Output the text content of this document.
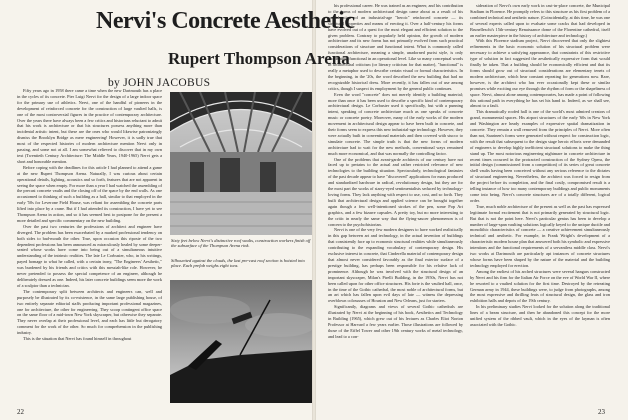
Nervi's Concrete Aesthetic
Rupert Thompson Arena
by JOHN JACOBUS

Fifty years ago in 1958 there came a time when the new Dartmouth has a place in the cycles of its concrete. Pier Luigi Nervi for the design of a large indoor space for the primary use of athletics. Nervi, one of the handful of pioneers in the development of reinforced concrete for the construction of large vaulted halls, is one of the most controversial figures in the practice of contemporary architecture. Over the years there have always been a few critics and historians reluctant to admit that his work is architecture or that his structures possess anything more than incidental artistic intent, but these are the ones who would likewise patronizingly dismiss the Brooklyn Bridge as mere engineering! However, it is sadly true that most of the respected histories of modern architecture mention Nervi only in passing, and some not at all. I am somewhat relieved to discover that in my own text (Twentieth Century Architecture: The Middle Years, 1940-1965) Nervi gets a short and honorable mention.

Before coping with the deadlines for this article I had planned to attend a game at the new Rupert Thompson Arena. Naturally, I was curious about certain operational details, lighting, acoustics and so forth, features that are not apparent in seeing the space when empty. For more than a year I had watched the assembling of the precast concrete vaults and the closing off of the space by the end walls. As one accustomed to thinking of such a building as a hall, similar to that employed in the early '50s for Leverone Field House, was reliant for assembling the concrete parts lifted into place by a crane. But if I had attended its construction, I have yet to see Thompson Arena in action, and so it has seemed best to postpone for the present a more detailed and specific commentary on the new building.

Over the past two centuries the professions of architect and engineer have diverged. The problem has been exacerbated by a marked professional tendency on both sides to bad-mouth the other. True, upon occasion this riposte of the two dependent professions has been announced as miraculously healed by some deeper-seated whose works have come into being out of a simultaneous intuitive understanding of the intrinsic realities. The late Le Corbusier, who, in his writings, payed homage to what he called, with a certain irony, "The Engineers' Aesthetic," was burdened by his friends and critics with this messiah-like role. However, he never pretended to possess the special competence of an engineer, although he deliberately dressed as one. Indeed, his later concrete buildings seem more the work of a sculptor than a technician.

The contemporary split between architects and engineers can, well and purposely be illustrated by its co-existence, in the same large publishing house, of two entirely separate editorial staffs producing important professional magazines, one for architecture, the other for engineering. They scoop contingent office space on the same floor of a mid-town New York skyscraper, but otherwise they separate. They never overlap at their professional level, and each has little but derogatory comment for the work of the other. So much for comprehension in the publishing industry.

This is the situation that Nervi has found himself in throughout

Sixty feet below Nervi's distinctive roof vaults, construction workers finish off the subsurface of the Thompson Arena rink.
Silhouetted against the clouds, the last pre-cast roof section is hoisted into place. Each prefab weighs eight tons.

his professional career. He was trained as an engineer, and his contribution to the forms of modern architectural design came about as a result of his consideration of an industrial-age "heroic" reinforced concrete — its structural properties and means of erecting it. Over a half-century his forms have evolved out of a quest for the most elegant and efficient solution to the given problem. Contrary to popularly held opinion, the growth of modern architecture and its new forms has not primarily evolved from such practical considerations of structure and functional intent. What is commonly called functional architecture, meaning a simple, unadorned purist style, is only incidentally functional in an operational level. Like so many conceptual words in architectural criticism (or literary criticism for that matter), "functional" is really a metaphor used to describe certain visual or formal characteristics. In the beginning, in the '20s, the word described the new building that had no recognizable historical dress. More recently, it has fallen out of use among critics, though I suspect its employment by the general public continues.

Even the word "concrete" does not merely identify a building material; more than once it has been used to describe a specific kind of contemporary architectural design. Le Corbusier used it specifically, but with a punning intent, speaking of concrete architecture much as one speaks of concrete music or concrete poetry. Moreover, many of the early works of the modern movement in architectural design appear to have been built in concrete, and their forms seem to express this new industrial-age technology. However, they were actually built in conventional materials and then covered with stucco to simulate concrete. The simple truth is that the new forms of modern architecture had to wait for the new methods, conventional ways remained much more economical, and that was normally the controlling factor.

One of the problems that avant-garde architects of our century have not faced up to pertains to the actual and rather restricted relevance of new technologies to the building situation. Spectacularly, technological fantasies of the past decade appear to have "discovered" applications for mass produced and standardized hardware in radical, revolutionary design, but they are for the most part the works of starry-eyed sentimentalists seduced by technology-loving forms. They lack anything with respect to use, cost, and so forth. They built that architectural design and applied science can be brought together again though a few well-intentioned strokes of the pen, some Pop Art graphics, and a few bizarre capsules. A pretty toy, but no more interesting to the critic in nearly the same way that the flying-saucer phenomenon is of concern to the psychohistorian.

Nervi is one of the very few modern designers to have worked realistically in this gap between art and technology, in the actual invention of buildings that consistently face up to economic structural realities while simultaneously contributing to the expanding vocabulary of contemporary design. His exclusive interest in concrete, that Cinderella material of contemporary design that almost never considered favorably as the final exterior surface of a prestige building, has perhaps been responsible for his relative lack of prominence. Although he was involved with the structural design of an important skyscraper, Milan's Pirelli Building, in the 1950s, Nervi has not been called upon for other office structures. His forte is the vaulted hall, once, in the time of the Gothic cathedral, the most noble of architectural forms, but an art which has fallen upon evil days of late — witness the depressing overblown colossuses of Houston and New Orleans, just for starters.

Significantly, diagrams and views of several Gothic cathedrals are illustrated by Nervi at the beginning of his book, Aesthetics and Technology in Building (1965), which grew out of his lectures as Charles Eliot Norton Professor at Harvard a few years earlier. Those illustrations are followed by those of the Eiffel Tower and other 19th century works of metal technology, and lead to a con-

sideration of Nervi's own early work in cast-in-place concrete, the Municipal Stadium in Florence. He promptly refers to this structure as his first problem of a combined technical and aesthetic nature. (Coincidentally, at this time, he was one of several experts called upon to evaluate some cracks that had developed in Brunelleschi's 15th-century Renaissance dome of the Florentine cathedral, itself an earlier masterpiece in the history of architecture and technology.)

With this Florence stadium project, Nervi discovered that only the slightest refinements in the basic economic solution of his structural problem were necessary to achieve a satisfying appearance, that constraints of this restrictive type of solution in fact suggested the aesthetically expressive form that would finally be taken. That a building should be economically efficient and that its forms should grow out of structural considerations are elementary tenets of modern architecture, which bear constant repeating for generations now. Rare, however, is the architect who has ever occasionally kept these or similar promises while exciting our eye through the rhythm of form or the shapeliness of space. Nervi, almost alone among contemporaries, has made a point of following this rational path in everything he has set his hand to. Indeed, as we shall see, almost to a fault.

This dramatically roofed hall is one of the world's most admired creators of grand, monumental spaces. His airport structures of the early '60s in New York and Washington are heady examples of expressive spatial dramatization in concrete. They remain a wall removed from the principles of Nervi. More often than not, Saarinen's forms were generated without respect for construction logic, with the result that subsequent to the design stage heroic efforts were demanded of engineers to develop highly inefficient structural solutions to make the thing stand up. The most notorious engineering nightmare in concrete architecture in recent times occurred in the protracted construction of the Sydney Opera, the initial design (commissioned from a competition) of its series of great concrete shell vaults having been conceived without any serious reference to the dictates of structural engineering. Nevertheless, the architect was forced to resign from the project before its completion, and the final costly, compromised result is a telling instance of how too many contemporary buildings and public monuments come into being. Nervi's concrete structures are of a totally different, logical order.

True, much noble architecture of the present as well as the past has expressed legitimate formal excitement that is not primarily generated by structural logic. But that is not the point here. Nervi's particular genius has been to develop a number of large-span vaulting solutions logically keyed to the unique ductile and monolithic characteristics of concrete — a creative achievement simultaneously technical and aesthetic. For example, in Frank Wright's development of a characteristic modern house plan that answered both his symbolic and expressive intentions and the functional requirements of a servantless middle class. Nervi's two works at Dartmouth are particularly apt instances of concrete structures whose forms have been shaped by the nature of the material and the building technology employed for erection.

Among the earliest of his arched structures were several hangars constructed by Nervi and his firm for the Italian Air Force on the eve of World War II, where he resorted to a vaulted solution for the first time. Destroyed by the retreating German army in 1944, these buildings were, to judge from photographs, among the most expressive and thrilling feats of structural design, the glass and iron exhibition halls and depots of the 19th century.

In his preliminary studies Nervi looked for the solution along the traditional lines of a beam structure, and then he abandoned this concept for the more unified system of the ribbed vault, which in the eyes of the layman is often associated with the Gothic.

22	23
